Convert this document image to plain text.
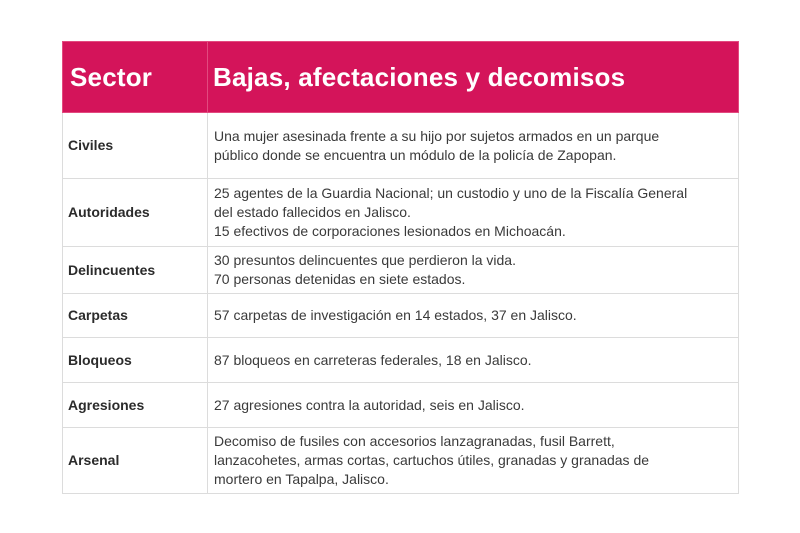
Sector	Bajas, afectaciones y decomisos
Civiles	Una mujer asesinada frente a su hijo por sujetos armados en un parque
público donde se encuentra un módulo de la policía de Zapopan.

Autoridades	25 agentes de la Guardia Nacional; un custodio y uno de la Fiscalía General
del estado fallecidos en Jalisco.
15 efectivos de corporaciones lesionados en Michoacán.

Delincuentes	30 presuntos delincuentes que perdieron la vida.
70 personas detenidas en siete estados.

Carpetas	57 carpetas de investigación en 14 estados, 37 en Jalisco.

Bloqueos	87 bloqueos en carreteras federales, 18 en Jalisco.

Agresiones	27 agresiones contra la autoridad, seis en Jalisco.

Arsenal	Decomiso de fusiles con accesorios lanzagranadas, fusil Barrett,
lanzacohetes, armas cortas, cartuchos útiles, granadas y granadas de
mortero en Tapalpa, Jalisco.
